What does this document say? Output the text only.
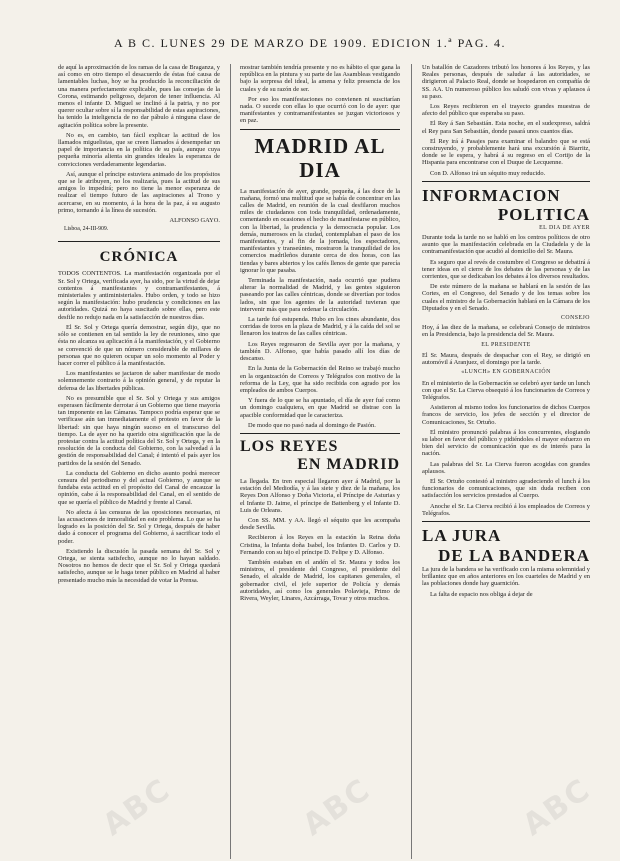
A B C. LUNES 29 DE MARZO DE 1909. EDICION 1.ª PAG. 4.

de aquí la aproximación de los ramas de la casa de Braganza, y así como en otro tiempo el desacuerdo de éstas fué causa de lamentables luchas, hoy se ha producido la reconciliación de una manera perfectamente explicable, pues las consejas de la Corona, estimando peligroso, dejaron de tener influencia. Al menos el infante D. Miguel se inclinó á la patria, y no por querer ocultar sobre sí la responsabilidad de estas aspiraciones, ha tenido la inteligencia de no dar pábulo á ninguna clase de agitación política sobre la presente.

No es, en cambio, tan fácil explicar la actitud de los llamados miguelistas, que se creen llamados á desempeñar un papel de importancia en la política de su país, aunque cuya pequeña minoría alienta sin grandes ideales la esperanza de convicciones verdaderamente legendarias.

Así, aunque el príncipe estuviera animado de los propósitos que se le atribuyen, no los realizaría, pues la actitud de sus amigos lo impedirá; pero no tiene la menor esperanza de realizar el tiempo futuro de las aspiraciones al Trono y acercarse, en su momento, á la hora de la paz, á su augusto primo, tornando á la línea de sucesión.

ALFONSO GAYO.
Lisboa, 24-III-909.
CRÓNICA

TODOS CONTENTOS. La manifestación organizada por el Sr. Sol y Ortega, verificada ayer, ha sido, por la virtud de dejar contentos á manifestantes y contramanifestantes, á ministeriales y antiministeriales. Hubo orden, y todo se hizo según la manifestación: hubo prudencia y condiciones en las autoridades. Quizá no haya suscitado sobre ellas, pero este desfile no redujo nada en la satisfacción de nuestros días.

El Sr. Sol y Ortega quería demostrar, según dijo, que no sólo se contienen en tal sentido la ley de reuniones, sino que ésta no alcanza su aplicación á la manifestación, y el Gobierno se convenció de que un número considerable de millares de personas que no quieren ocupar un solo momento al Poder y hacer correr el público á la manifestación.

Los manifestantes se jactaron de saber manifestar de modo solemnemente contrario á la opinión general, y de reputar la defensa de las libertades públicas.

No es presumible que el Sr. Sol y Ortega y sus amigos esperasen fácilmente derrotar á un Gobierno que tiene mayoría tan imponente en las Cámaras. Tampoco podría esperar que se verificase aún tan inmediatamente el protesto en favor de la libertad: sin que haya ningún suceso en el transcurso del tiempo. La de ayer no ha querido otra significación que la de protestar contra la actitud política del Sr. Sol y Ortega, y en la resolución de la conducta del Gobierno, con la salvedad á la gestión de responsabilidad del Canal; é intentó el país ayer los partidos de la sesión del Senado.

La conducta del Gobierno en dicho asunto podrá merecer censura del periodismo y del actual Gobierno, y aunque se fundaba esta actitud en el propósito del Canal de encauzar la opinión, cabe á la responsabilidad del Canal, en el sentido de que se quería el público de Madrid y frente al Canal.

No afecta á las censuras de las oposiciones necesarias, ni las acusaciones de inmoralidad en este problema. Lo que se ha logrado es la posición del Sr. Sol y Ortega, después de haber dado á conocer el programa del Gobierno, á sacrificar todo el poder.

Existiendo la discusión la pasada semana del Sr. Sol y Ortega, se sienta satisfecho, aunque no lo hayan saldado. Nosotros no hemos de decir que el Sr. Sol y Ortega quedará satisfecho, aunque se le haga tener público en Madrid al haber presentado mucho más la necesidad de votar la Prensa.

mostrar también tendría presente y no es hábito el que gana la república en la pintura y su parte de las Asambleas vestigando bajo la sorpresa del ideal, la amena y feliz presencia de los cuales y de su razón de ser.

Por eso los manifestaciones no convienen ni suscitarían nada. O sucede con ellas lo que ocurrió con lo de ayer: que manifestantes y contramanifestantes se juzgan victoriosos y en paz.

MADRID AL DIA

La manifestación de ayer, grande, pequeña, á las doce de la mañana, formó una multitud que se había de concentrar en las calles de Madrid, en reunión de la cual desfilaron muchos miles de ciudadanos con toda tranquilidad, ordenadamente, comentando en ocasiones el hecho de manifestarse en público, con la libertad, la prudencia y la democracia popular. Los demás, numerosos en la ciudad, contemplaban el paso de los manifestantes, y al fin de la jornada, los espectadores, manifestantes y transeúntes, mostraron la tranquilidad de los comercios madrileños durante cerca de dos horas, con las tiendas y bares abiertos y los cafés llenos de gente que parecía ignorar lo que pasaba.

Terminada la manifestación, nada ocurrió que pudiera alterar la normalidad de Madrid, y las gentes siguieron paseando por las calles céntricas, donde se divertían por todos lados, sin que los agentes de la autoridad tuvieran que intervenir más que para ordenar la circulación.

La tarde fué estupenda. Hubo en los cines abundante, dos corridas de toros en la plaza de Madrid, y á la caída del sol se llenaron los teatros de las calles céntricas.

Los Reyes regresaron de Sevilla ayer por la mañana, y también D. Alfonso, que había pasado allí los días de descanso.

En la Junta de la Gobernación del Reino se trabajó mucho en la organización de Correos y Telégrafos con motivo de la reforma de la Ley, que ha sido recibida con agrado por los empleados de ambos Cuerpos.

Y fuera de lo que se ha apuntado, el día de ayer fué como un domingo cualquiera, en que Madrid se distrae con la apacible conformidad que le caracteriza.

De modo que no pasó nada al domingo de Pasión.

LOS REYES
EN MADRID

La llegada. En tren especial llegaron ayer á Madrid, por la estación del Mediodía, y á las siete y diez de la mañana, los Reyes Don Alfonso y Doña Victoria, el Príncipe de Asturias y el Infante D. Jaime, el príncipe de Battenberg y el Infante D. Luis de Orleans.

Con SS. MM. y AA. llegó el séquito que les acompaña desde Sevilla.

Recibieron á los Reyes en la estación la Reina doña Cristina, la Infanta doña Isabel, los Infantes D. Carlos y D. Fernando con su hijo el príncipe D. Felipe y D. Alfonso.

También estaban en el andén el Sr. Maura y todos los ministros, el presidente del Congreso, el presidente del Senado, el alcalde de Madrid, los capitanes generales, el gobernador civil, el jefe superior de Policía y demás autoridades, así como los generales Polavieja, Primo de Rivera, Weyler, Linares, Azcárraga, Tovar y otros muchos.

Un batallón de Cazadores tributó los honores á los Reyes, y las Reales personas, después de saludar á las autoridades, se dirigieron al Palacio Real, donde se hospedaron en compañía de SS. AA. Un numeroso público los saludó con vivas y aplausos á su paso.

Los Reyes recibieron en el trayecto grandes muestras de afecto del público que esperaba su paso.

El Rey á San Sebastián. Esta noche, en el sudexpreso, saldrá el Rey para San Sebastián, donde pasará unos cuantos días.

El Rey irá á Pasajes para examinar el balandro que se está construyendo, y probablemente hará una excursión á Biarritz, donde se le espera, y habrá á su regreso en el Cortijo de la Hispania para encontrarse con el Duque de Lecquenne.

Con D. Alfonso irá un séquito muy reducido.

INFORMACION
POLITICA
EL DIA DE AYER

Durante toda la tarde no se habló en los centros políticos de otro asunto que la manifestación celebrada en la Ciudadela y de la contramanifestación que acudió al domicilio del Sr. Maura.

Es seguro que al revés de costumbre el Congreso se debatirá á tener ideas en el cierre de los debates de las personas y de las corrientes, que se dedicaban los debates á los diversos resultados.

De este número de la mañana se hablará en la sesión de las Cortes, en el Congreso, del Senado y de los temas sobre los cuales el ministro de la Gobernación hablará en la Cámara de los Diputados y en el Senado.

CONSEJO

Hoy, á las diez de la mañana, se celebrará Consejo de ministros en la Presidencia, bajo la presidencia del Sr. Maura.

EL PRESIDENTE

El Sr. Maura, después de despachar con el Rey, se dirigió en automóvil á Aranjuez, el domingo por la tarde.

«LUNCH» EN GOBERNACIÓN

En el ministerio de la Gobernación se celebró ayer tarde un lunch con que el Sr. La Cierva obsequió á los funcionarios de Correos y Telégrafos.

Asistieron al mismo todos los funcionarios de dichos Cuerpos francos de servicio, los jefes de sección y el director de Comunicaciones, Sr. Ortuño.

El ministro pronunció palabras á los concurrentes, elogiando su labor en favor del público y pidiéndoles el mayor esfuerzo en bien del servicio de comunicación que es de interés para la nación.

Las palabras del Sr. La Cierva fueron acogidas con grandes aplausos.

El Sr. Ortuño contestó al ministro agradeciendo el lunch á los funcionarios de comunicaciones, que sin duda reciben con satisfacción los servicios prestados al Cuerpo.

Anoche el Sr. La Cierva recibió á los empleados de Correos y Telégrafos.

LA JURA
DE LA BANDERA

La jura de la bandera se ha verificado con la misma solemnidad y brillantez que en años anteriores en los cuarteles de Madrid y en las poblaciones donde hay guarnición.

La falta de espacio nos obliga á dejar de

ABC	ABC	ABC
